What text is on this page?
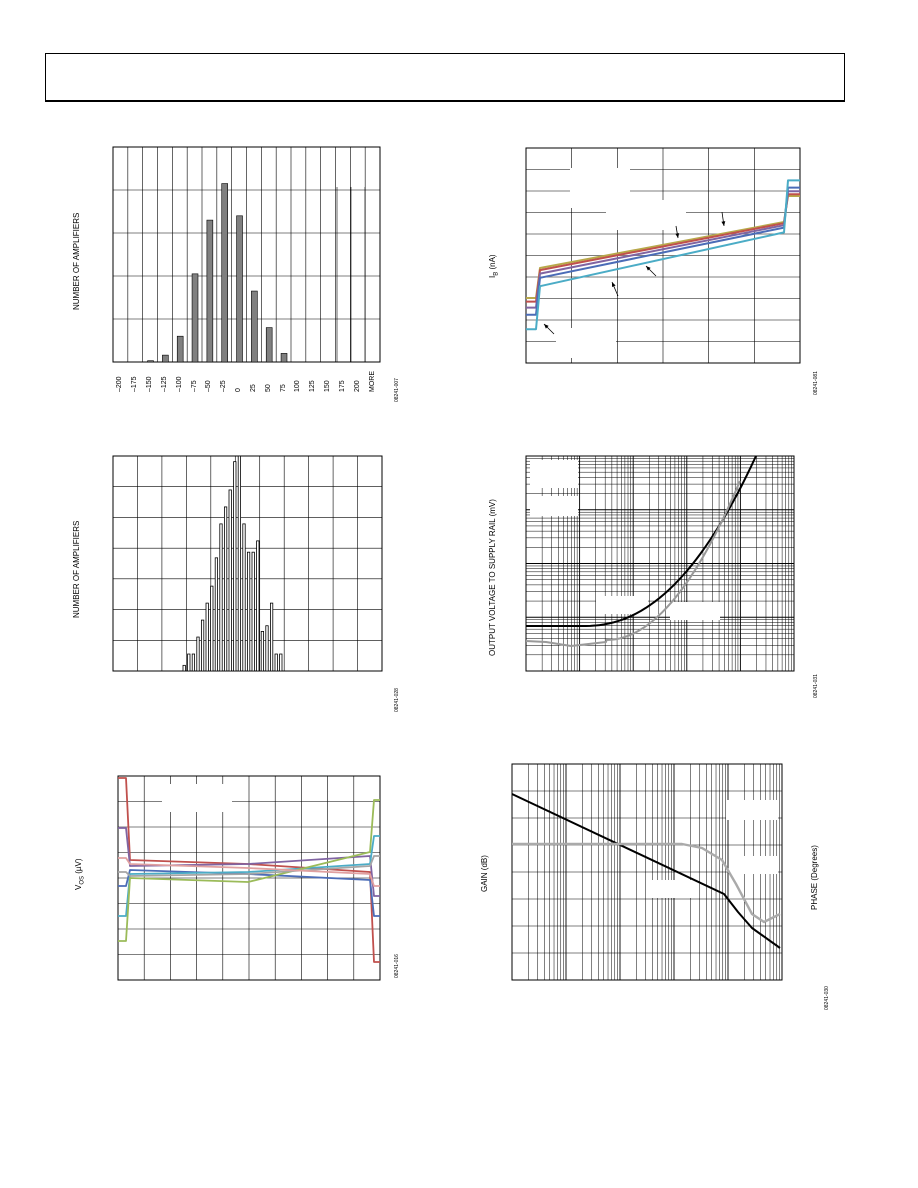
NUMBER OF AMPLIFIERS
–200 –175 –150 –125 –100 –75 –50 –25 0 25 50 75 100 125 150 175 200 MORE	08241-007
$I_B$ (nA)
08241-081
NUMBER OF AMPLIFIERS
08241-028
OUTPUT VOLTAGE TO SUPPLY RAIL (mV)
08241-031
$V_{OS}$ (µV)
08241-016
GAIN (dB)	PHASE (Degrees)
08241-030
